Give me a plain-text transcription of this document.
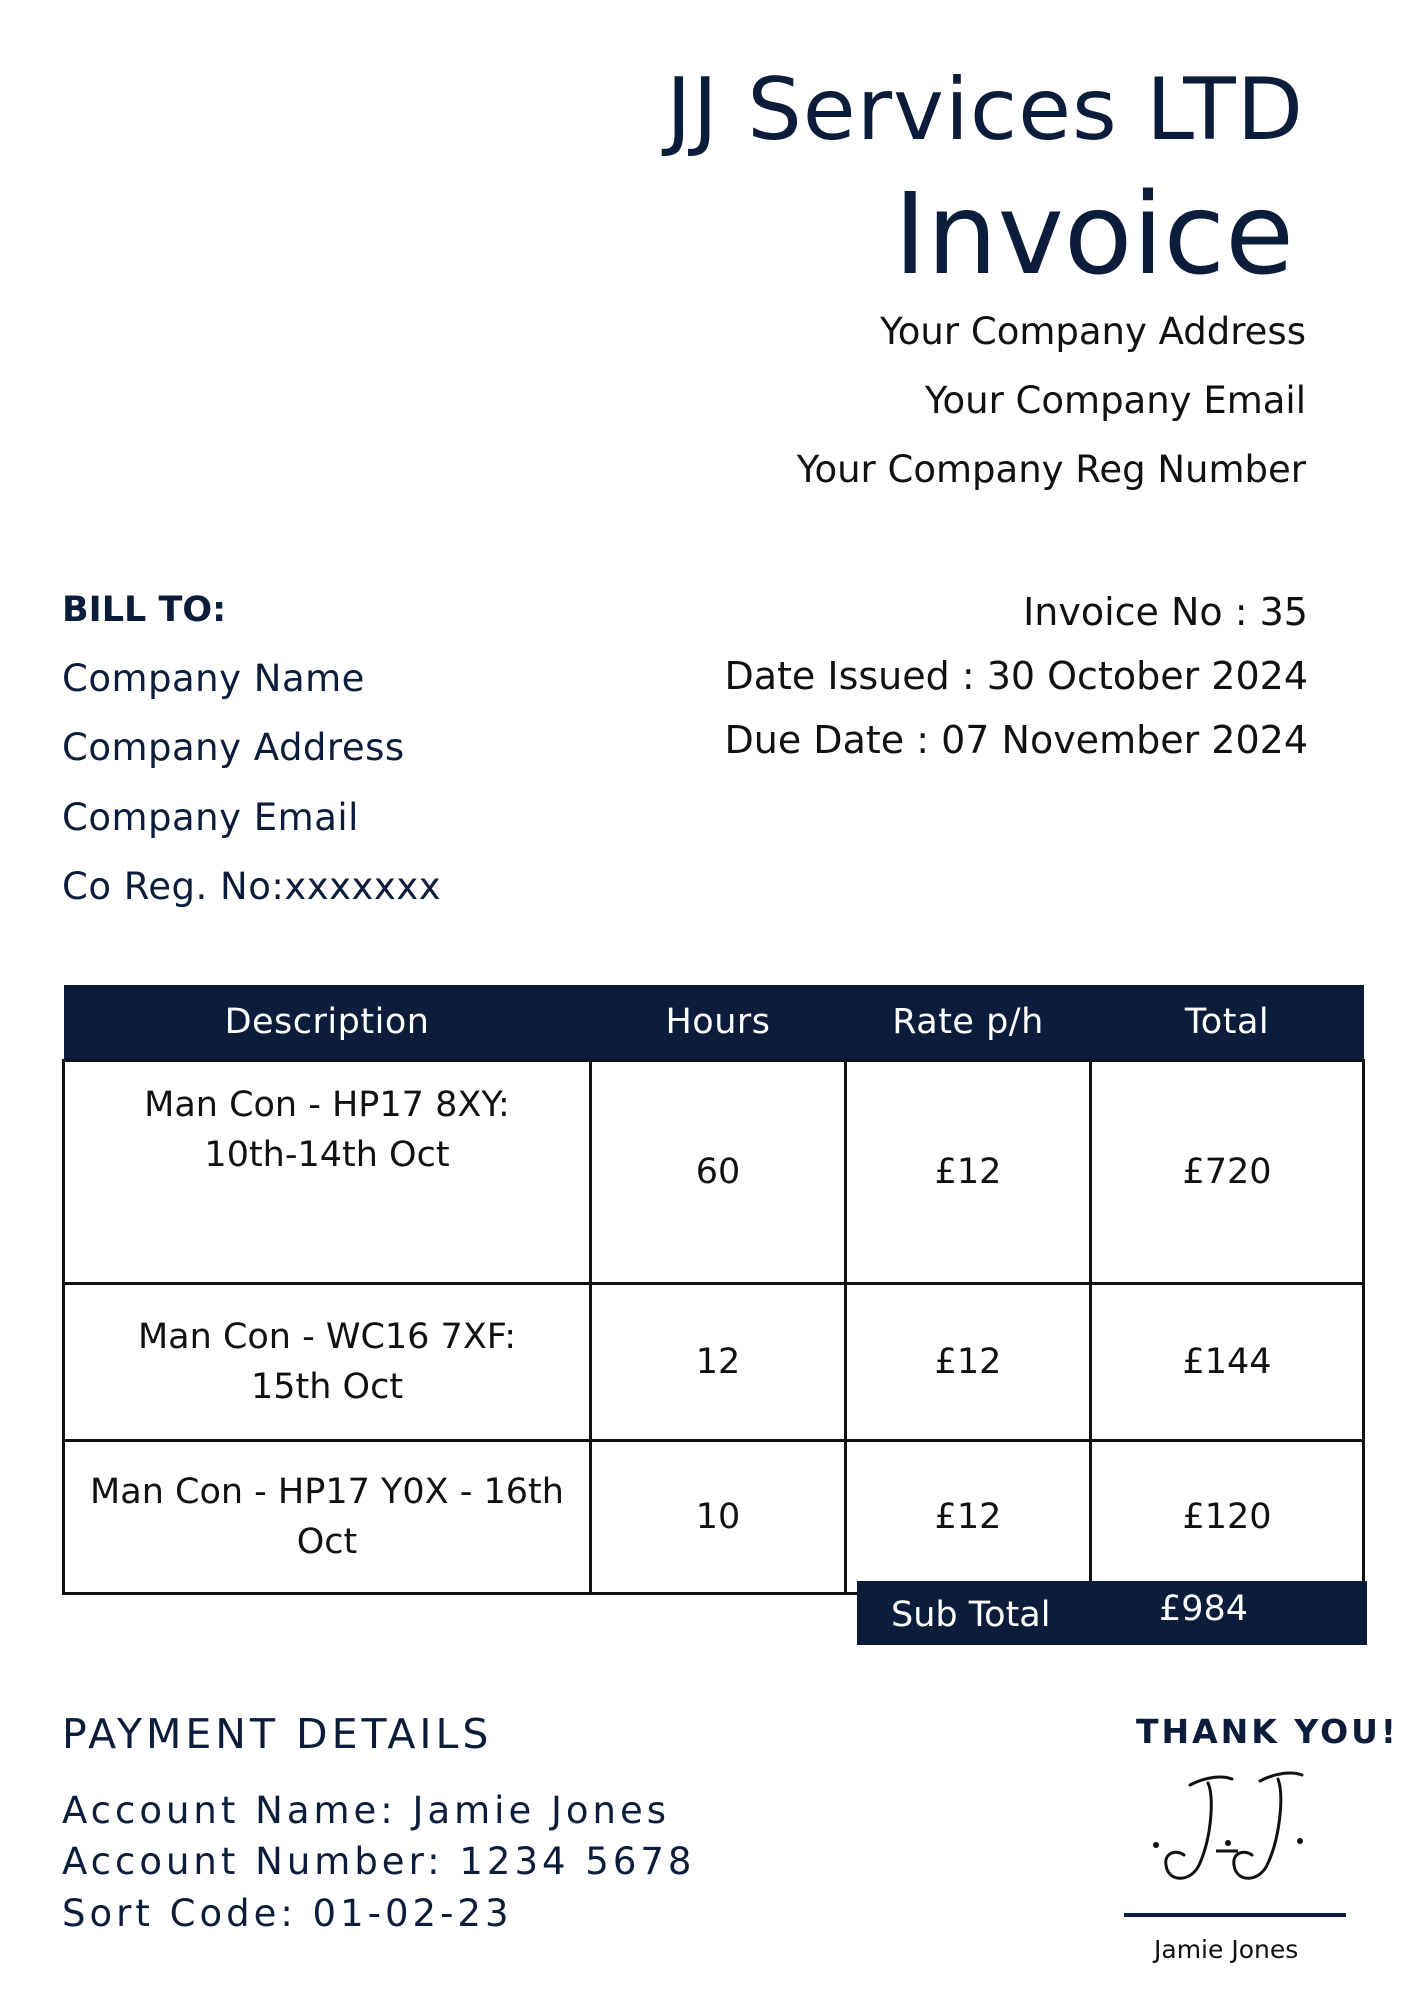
JJ Services LTD
Invoice
Your Company Address
Your Company Email
Your Company Reg Number
BILL TO:
Company Name
Company Address
Company Email
Co Reg. No:xxxxxxx
Invoice No : 35
Date Issued : 30 October 2024
Due Date : 07 November 2024
Description	Hours	Rate p/h	Total

Man Con - HP17 8XY:
10th-14th Oct	60	£12	£720

Man Con - WC16 7XF:
15th Oct	12	£12	£144

Man Con - HP17 Y0X - 16th
Oct	10	£12	£120
Sub Total	£984
PAYMENT DETAILS
Account Name: Jamie Jones
Account Number: 1234 5678
Sort Code: 01-02-23
THANK YOU!
Jamie Jones
